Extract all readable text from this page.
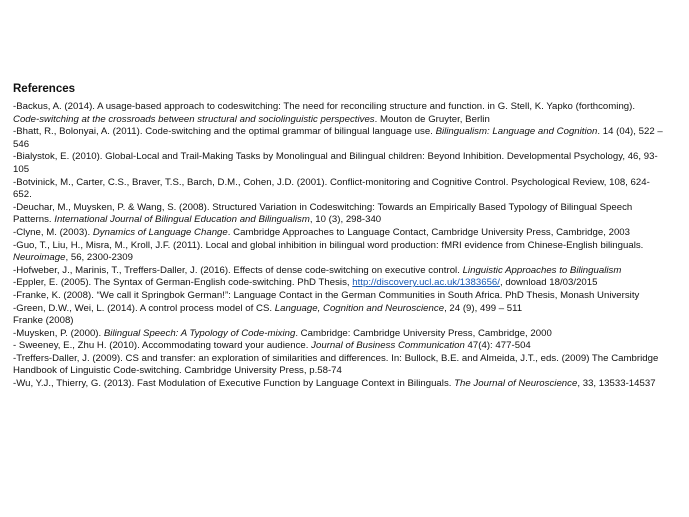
References
-Backus, A. (2014). A usage-based approach to codeswitching: The need for reconciling structure and function. in G. Stell, K. Yapko (forthcoming). Code-switching at the crossroads between structural and sociolinguistic perspectives. Mouton de Gruyter, Berlin
-Bhatt, R., Bolonyai, A. (2011). Code-switching and the optimal grammar of bilingual language use. Bilingualism: Language and Cognition. 14 (04), 522 – 546
-Bialystok, E. (2010). Global-Local and Trail-Making Tasks by Monolingual and Bilingual children: Beyond Inhibition. Developmental Psychology, 46, 93-105
-Botvinick, M., Carter, C.S., Braver, T.S., Barch, D.M., Cohen, J.D. (2001). Conflict-monitoring and Cognitive Control. Psychological Review, 108, 624-652.
-Deuchar, M., Muysken, P. & Wang, S. (2008). Structured Variation in Codeswitching: Towards an Empirically Based Typology of Bilingual Speech Patterns. International Journal of Bilingual Education and Bilingualism, 10 (3), 298-340
-Clyne, M. (2003). Dynamics of Language Change. Cambridge Approaches to Language Contact, Cambridge University Press, Cambridge, 2003
-Guo, T., Liu, H., Misra, M., Kroll, J.F. (2011). Local and global inhibition in bilingual word production: fMRI evidence from Chinese-English bilinguals. Neuroimage, 56, 2300-2309
-Hofweber, J., Marinis, T., Treffers-Daller, J. (2016). Effects of dense code-switching on executive control. Linguistic Approaches to Bilingualism
-Eppler, E. (2005). The Syntax of German-English code-switching. PhD Thesis, http://discovery.ucl.ac.uk/1383656/, download 18/03/2015
-Franke, K. (2008). “We call it Springbok German!”: Language Contact in the German Communities in South Africa. PhD Thesis, Monash University
-Green, D.W., Wei, L. (2014). A control process model of CS. Language, Cognition and Neuroscience, 24 (9), 499 – 511
Franke (2008)
-Muysken, P. (2000). Bilingual Speech: A Typology of Code-mixing. Cambridge: Cambridge University Press, Cambridge, 2000
- Sweeney, E., Zhu H. (2010). Accommodating toward your audience. Journal of Business Communication 47(4): 477-504
-Treffers-Daller, J. (2009). CS and transfer: an exploration of similarities and differences. In: Bullock, B.E. and Almeida, J.T., eds. (2009) The Cambridge Handbook of Linguistic Code-switching. Cambridge University Press, p.58-74
-Wu, Y.J., Thierry, G. (2013). Fast Modulation of Executive Function by Language Context in Bilinguals. The Journal of Neuroscience, 33, 13533-14537
